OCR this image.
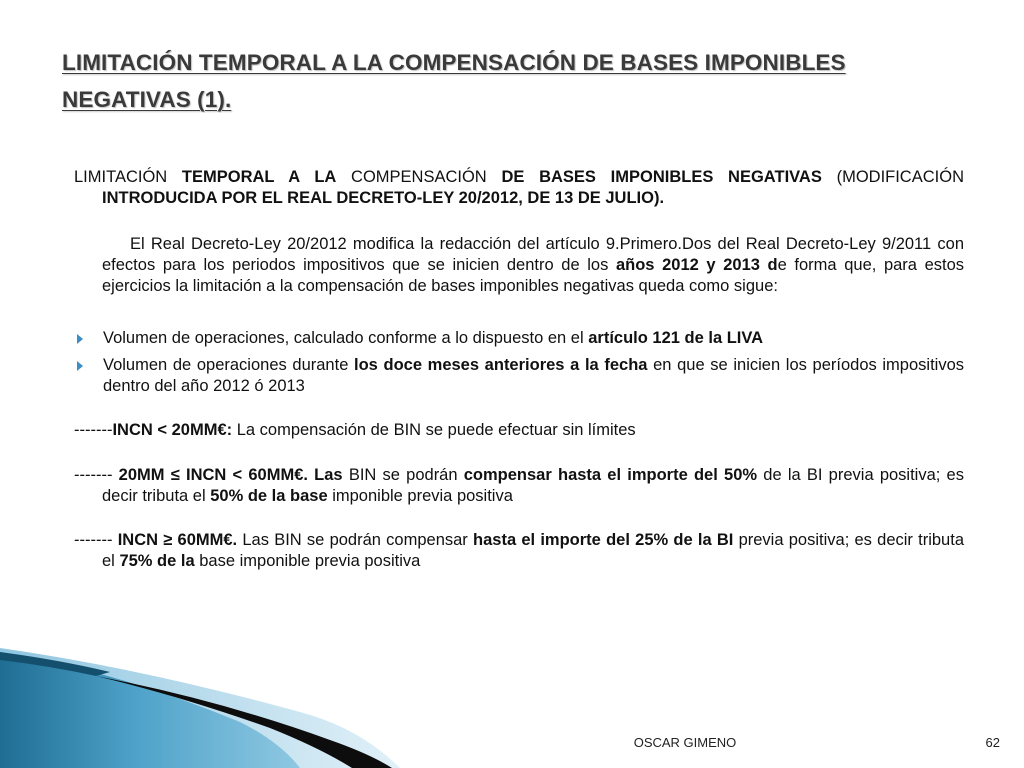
LIMITACIÓN TEMPORAL A LA COMPENSACIÓN DE BASES IMPONIBLES NEGATIVAS (1).

LIMITACIÓN TEMPORAL A LA COMPENSACIÓN DE BASES IMPONIBLES NEGATIVAS (MODIFICACIÓN INTRODUCIDA POR EL REAL DECRETO-LEY 20/2012, DE 13 DE JULIO).

El Real Decreto-Ley 20/2012 modifica la redacción del artículo 9.Primero.Dos del Real Decreto-Ley 9/2011 con efectos para los periodos impositivos que se inicien dentro de los años 2012 y 2013 de forma que, para estos ejercicios la limitación a la compensación de bases imponibles negativas queda como sigue:

Volumen de operaciones, calculado conforme a lo dispuesto en el artículo 121 de la LIVA
Volumen de operaciones durante los doce meses anteriores a la fecha en que se inicien los períodos impositivos dentro del año 2012 ó 2013

-------INCN < 20MM€: La compensación de BIN se puede efectuar sin límites

------- 20MM ≤ INCN < 60MM€. Las BIN se podrán compensar hasta el importe del 50% de la BI previa positiva; es decir tributa el 50% de la base imponible previa positiva

------- INCN ≥ 60MM€. Las BIN se podrán compensar hasta el importe del 25% de la BI previa positiva; es decir tributa el 75% de la base imponible previa positiva

OSCAR GIMENO	62
